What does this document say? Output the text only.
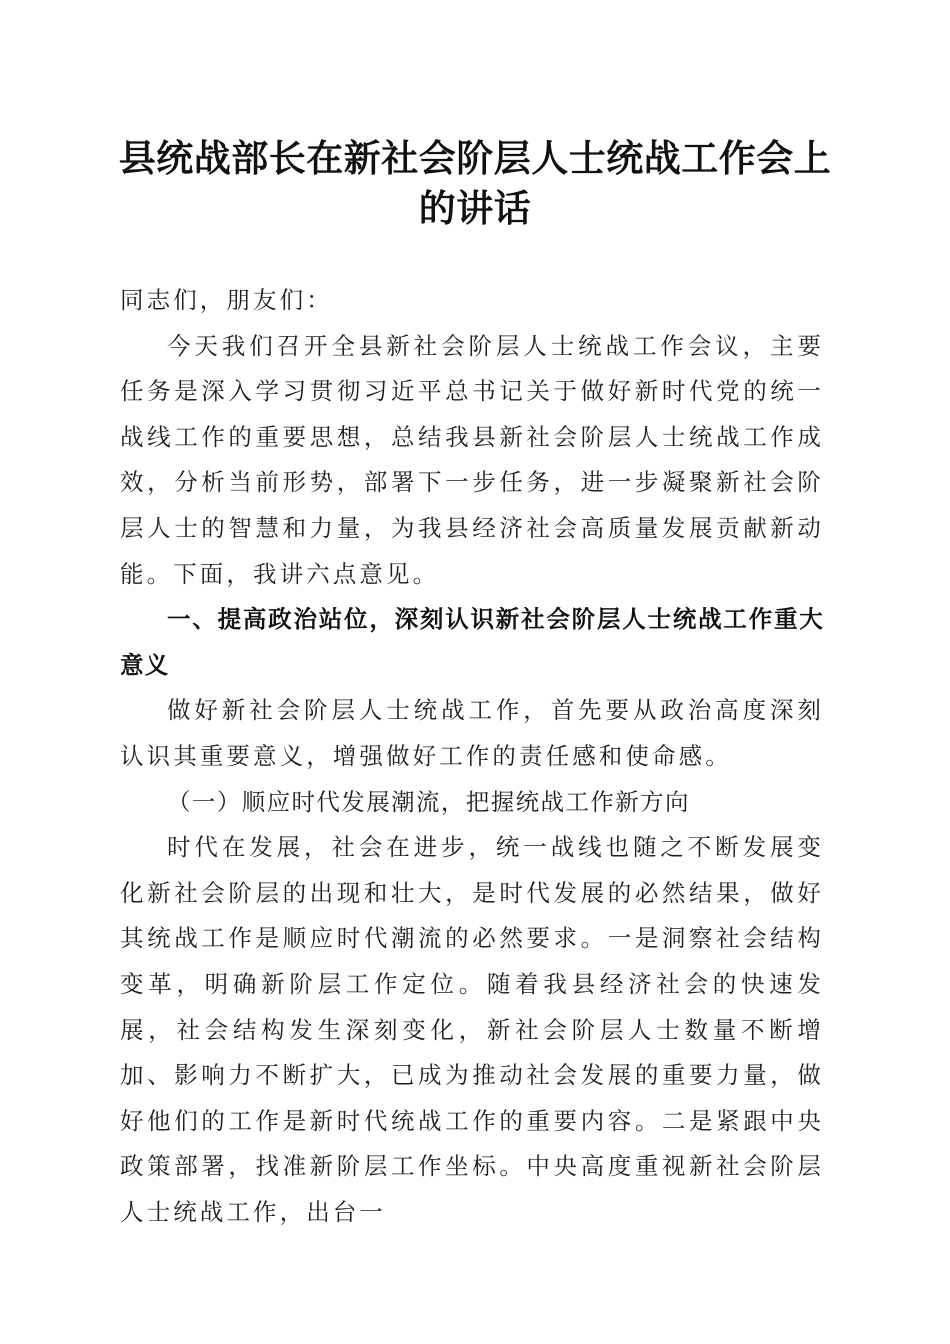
县统战部长在新社会阶层人士统战工作会上的讲话

同志们，朋友们：

今天我们召开全县新社会阶层人士统战工作会议，主要任务是深入学习贯彻习近平总书记关于做好新时代党的统一战线工作的重要思想，总结我县新社会阶层人士统战工作成效，分析当前形势，部署下一步任务，进一步凝聚新社会阶层人士的智慧和力量，为我县经济社会高质量发展贡献新动能。下面，我讲六点意见。

一、提高政治站位，深刻认识新社会阶层人士统战工作重大意义

做好新社会阶层人士统战工作，首先要从政治高度深刻认识其重要意义，增强做好工作的责任感和使命感。

（一）顺应时代发展潮流，把握统战工作新方向

时代在发展，社会在进步，统一战线也随之不断发展变化新社会阶层的出现和壮大，是时代发展的必然结果，做好其统战工作是顺应时代潮流的必然要求。一是洞察社会结构变革，明确新阶层工作定位。随着我县经济社会的快速发展，社会结构发生深刻变化，新社会阶层人士数量不断增加、影响力不断扩大，已成为推动社会发展的重要力量，做好他们的工作是新时代统战工作的重要内容。二是紧跟中央政策部署，找准新阶层工作坐标。中央高度重视新社会阶层人士统战工作，出台一
